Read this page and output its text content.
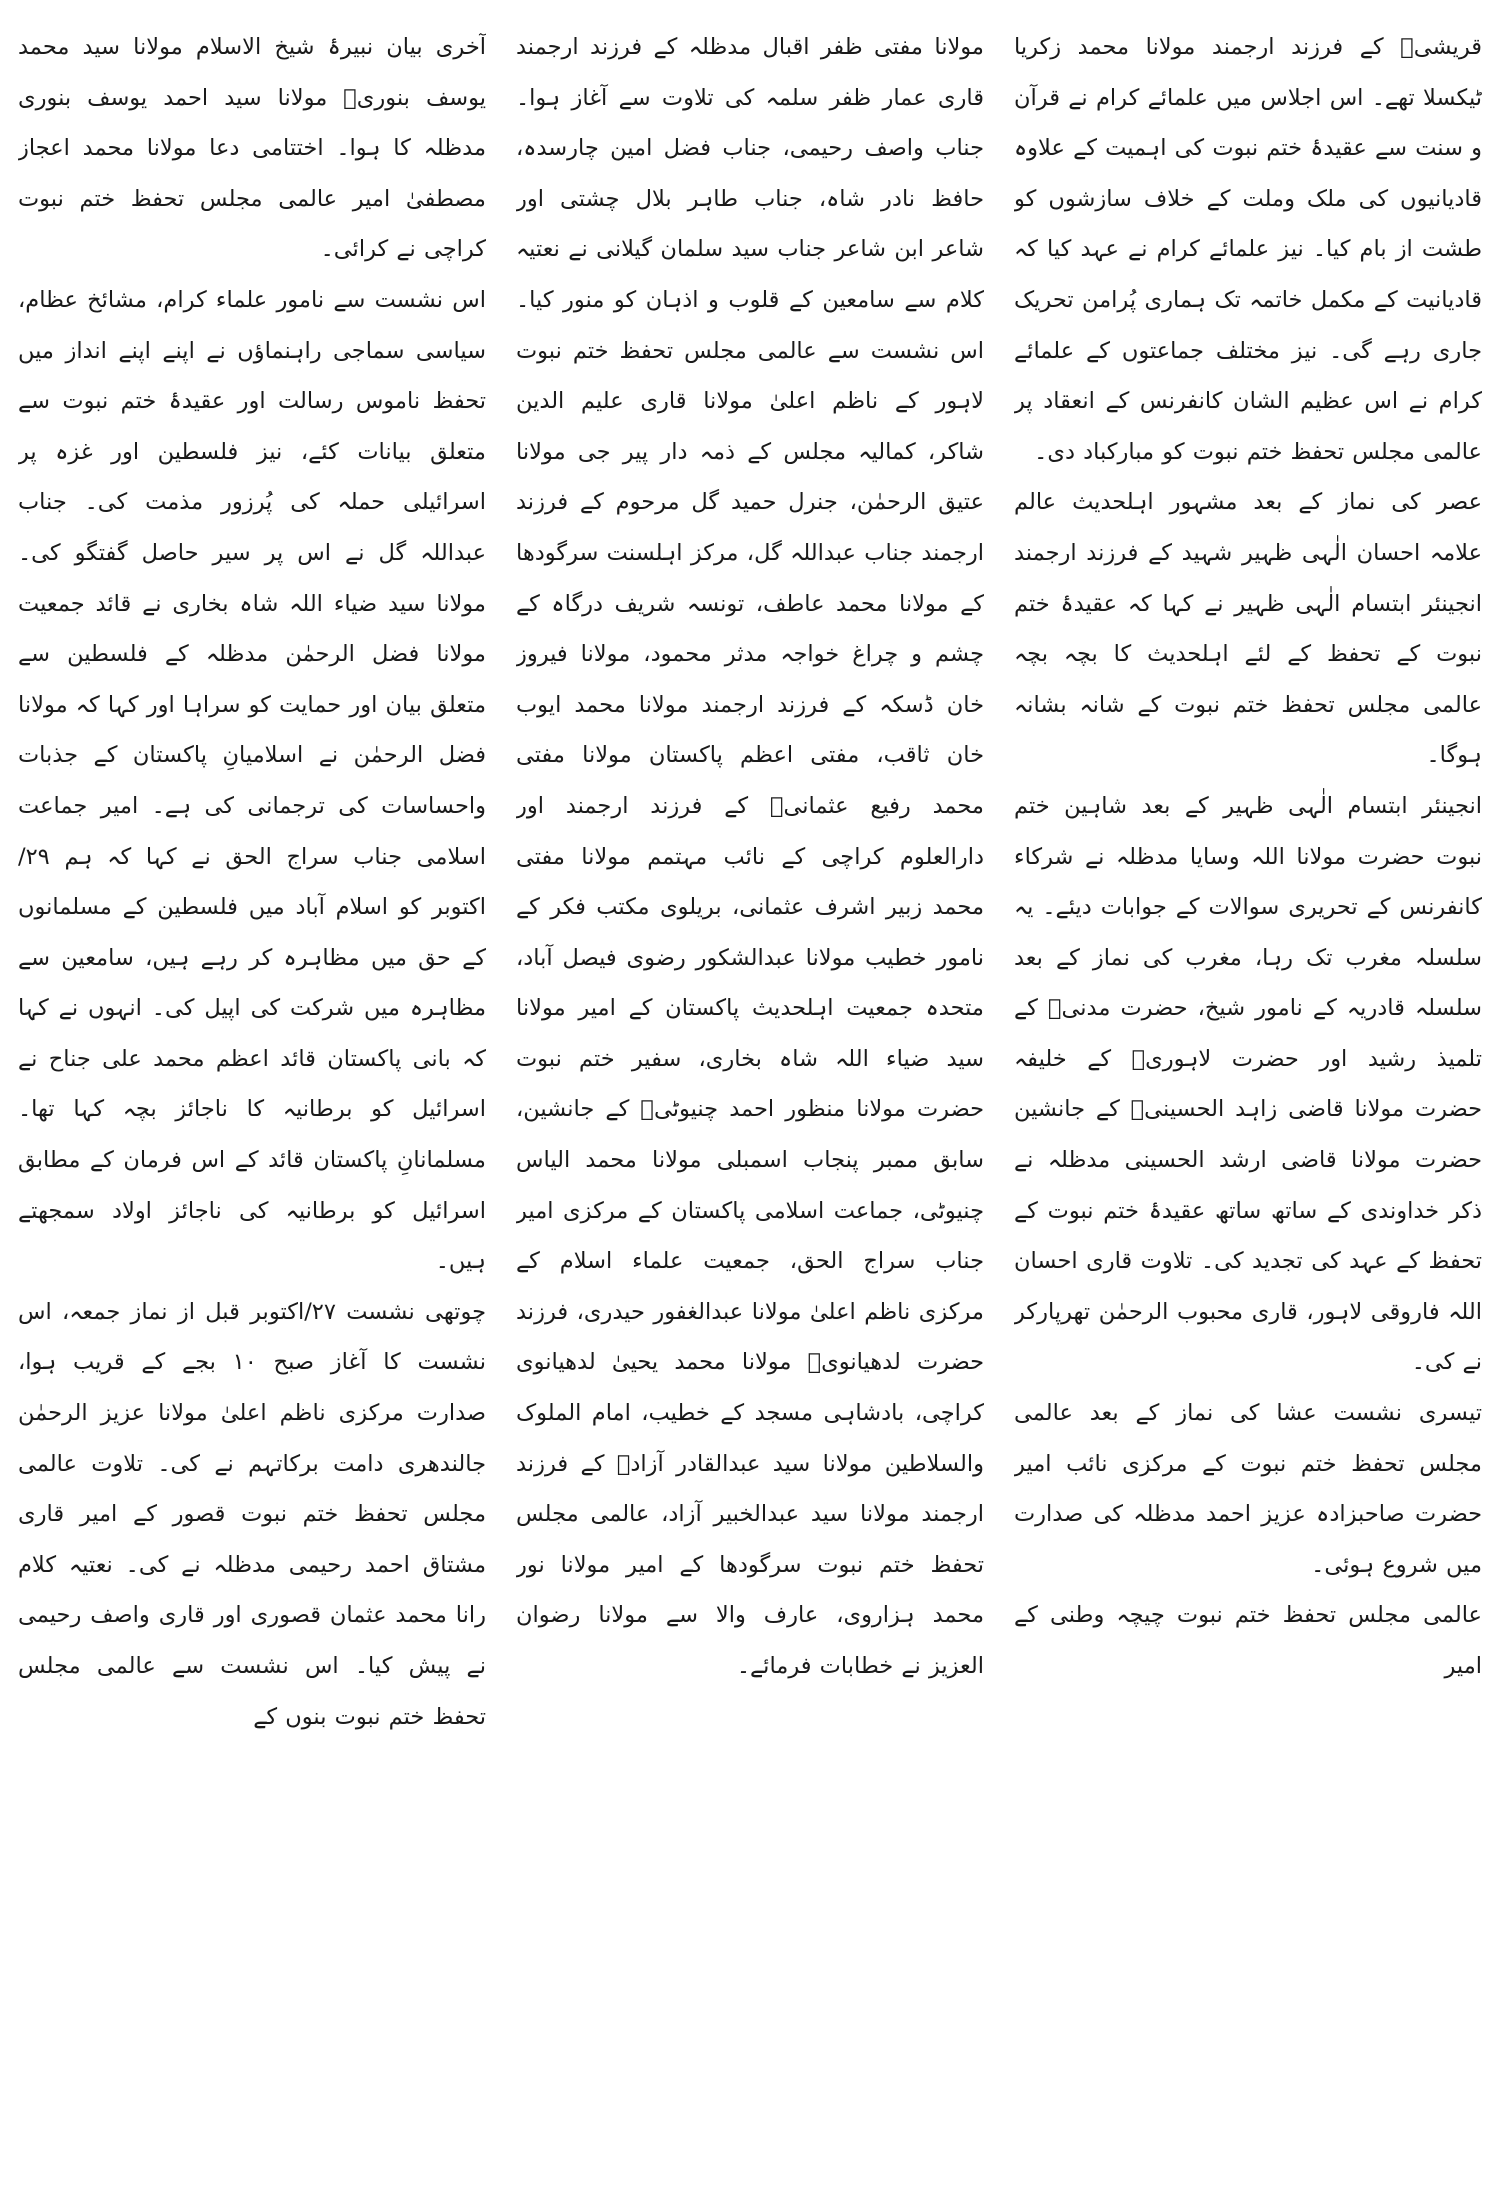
قریشیؒ کے فرزند ارجمند مولانا محمد زکریا ٹیکسلا تھے۔ اس اجلاس میں علمائے کرام نے قرآن و سنت سے عقیدۂ ختم نبوت کی اہمیت کے علاوہ قادیانیوں کی ملک وملت کے خلاف سازشوں کو طشت از بام کیا۔ نیز علمائے کرام نے عہد کیا کہ قادیانیت کے مکمل خاتمہ تک ہماری پُرامن تحریک جاری رہے گی۔ نیز مختلف جماعتوں کے علمائے کرام نے اس عظیم الشان کانفرنس کے انعقاد پر عالمی مجلس تحفظ ختم نبوت کو مبارکباد دی۔

عصر کی نماز کے بعد مشہور اہلحدیث عالم علامہ احسان الٰہی ظہیر شہید کے فرزند ارجمند انجینئر ابتسام الٰہی ظہیر نے کہا کہ عقیدۂ ختم نبوت کے تحفظ کے لئے اہلحدیث کا بچہ بچہ عالمی مجلس تحفظ ختم نبوت کے شانہ بشانہ ہوگا۔

انجینئر ابتسام الٰہی ظہیر کے بعد شاہین ختم نبوت حضرت مولانا اللہ وسایا مدظلہ نے شرکاء کانفرنس کے تحریری سوالات کے جوابات دیئے۔ یہ سلسلہ مغرب تک رہا، مغرب کی نماز کے بعد سلسلہ قادریہ کے نامور شیخ، حضرت مدنیؒ کے تلمیذ رشید اور حضرت لاہوریؒ کے خلیفہ حضرت مولانا قاضی زاہد الحسینیؒ کے جانشین حضرت مولانا قاضی ارشد الحسینی مدظلہ نے ذکر خداوندی کے ساتھ ساتھ عقیدۂ ختم نبوت کے تحفظ کے عہد کی تجدید کی۔ تلاوت قاری احسان اللہ فاروقی لاہور، قاری محبوب الرحمٰن تھرپارکر نے کی۔

تیسری نشست عشا کی نماز کے بعد عالمی مجلس تحفظ ختم نبوت کے مرکزی نائب امیر حضرت صاحبزادہ عزیز احمد مدظلہ کی صدارت میں شروع ہوئی۔

عالمی مجلس تحفظ ختم نبوت چیچہ وطنی کے امیر

مولانا مفتی ظفر اقبال مدظلہ کے فرزند ارجمند قاری عمار ظفر سلمہ کی تلاوت سے آغاز ہوا۔ جناب واصف رحیمی، جناب فضل امین چارسدہ، حافظ نادر شاہ، جناب طاہر بلال چشتی اور شاعر ابن شاعر جناب سید سلمان گیلانی نے نعتیہ کلام سے سامعین کے قلوب و اذہان کو منور کیا۔ اس نشست سے عالمی مجلس تحفظ ختم نبوت لاہور کے ناظم اعلیٰ مولانا قاری علیم الدین شاکر، کمالیہ مجلس کے ذمہ دار پیر جی مولانا عتیق الرحمٰن، جنرل حمید گل مرحوم کے فرزند ارجمند جناب عبداللہ گل، مرکز اہلسنت سرگودھا کے مولانا محمد عاطف، تونسہ شریف درگاہ کے چشم و چراغ خواجہ مدثر محمود، مولانا فیروز خان ڈسکہ کے فرزند ارجمند مولانا محمد ایوب خان ثاقب، مفتی اعظم پاکستان مولانا مفتی محمد رفیع عثمانیؒ کے فرزند ارجمند اور دارالعلوم کراچی کے نائب مہتمم مولانا مفتی محمد زبیر اشرف عثمانی، بریلوی مکتب فکر کے نامور خطیب مولانا عبدالشکور رضوی فیصل آباد، متحدہ جمعیت اہلحدیث پاکستان کے امیر مولانا سید ضیاء اللہ شاہ بخاری، سفیر ختم نبوت حضرت مولانا منظور احمد چنیوٹیؒ کے جانشین، سابق ممبر پنجاب اسمبلی مولانا محمد الیاس چنیوٹی، جماعت اسلامی پاکستان کے مرکزی امیر جناب سراج الحق، جمعیت علماء اسلام کے مرکزی ناظم اعلیٰ مولانا عبدالغفور حیدری، فرزند حضرت لدھیانویؒ مولانا محمد یحییٰ لدھیانوی کراچی، بادشاہی مسجد کے خطیب، امام الملوک والسلاطین مولانا سید عبدالقادر آزادؒ کے فرزند ارجمند مولانا سید عبدالخبیر آزاد، عالمی مجلس تحفظ ختم نبوت سرگودھا کے امیر مولانا نور محمد ہزاروی، عارف والا سے مولانا رضوان العزیز نے خطابات فرمائے۔

آخری بیان نبیرۂ شیخ الاسلام مولانا سید محمد یوسف بنوریؒ مولانا سید احمد یوسف بنوری مدظلہ کا ہوا۔ اختتامی دعا مولانا محمد اعجاز مصطفیٰ امیر عالمی مجلس تحفظ ختم نبوت کراچی نے کرائی۔

اس نشست سے نامور علماء کرام، مشائخ عظام، سیاسی سماجی راہنماؤں نے اپنے اپنے انداز میں تحفظ ناموس رسالت اور عقیدۂ ختم نبوت سے متعلق بیانات کئے، نیز فلسطین اور غزہ پر اسرائیلی حملہ کی پُرزور مذمت کی۔ جناب عبداللہ گل نے اس پر سیر حاصل گفتگو کی۔ مولانا سید ضیاء اللہ شاہ بخاری نے قائد جمعیت مولانا فضل الرحمٰن مدظلہ کے فلسطین سے متعلق بیان اور حمایت کو سراہا اور کہا کہ مولانا فضل الرحمٰن نے اسلامیانِ پاکستان کے جذبات واحساسات کی ترجمانی کی ہے۔ امیر جماعت اسلامی جناب سراج الحق نے کہا کہ ہم ۲۹/اکتوبر کو اسلام آباد میں فلسطین کے مسلمانوں کے حق میں مظاہرہ کر رہے ہیں، سامعین سے مظاہرہ میں شرکت کی اپیل کی۔ انہوں نے کہا کہ بانی پاکستان قائد اعظم محمد علی جناح نے اسرائیل کو برطانیہ کا ناجائز بچہ کہا تھا۔ مسلمانانِ پاکستان قائد کے اس فرمان کے مطابق اسرائیل کو برطانیہ کی ناجائز اولاد سمجھتے ہیں۔

چوتھی نشست ۲۷/اکتوبر قبل از نماز جمعہ، اس نشست کا آغاز صبح ۱۰ بجے کے قریب ہوا، صدارت مرکزی ناظم اعلیٰ مولانا عزیز الرحمٰن جالندھری دامت برکاتہم نے کی۔ تلاوت عالمی مجلس تحفظ ختم نبوت قصور کے امیر قاری مشتاق احمد رحیمی مدظلہ نے کی۔ نعتیہ کلام رانا محمد عثمان قصوری اور قاری واصف رحیمی نے پیش کیا۔ اس نشست سے عالمی مجلس تحفظ ختم نبوت بنوں کے
